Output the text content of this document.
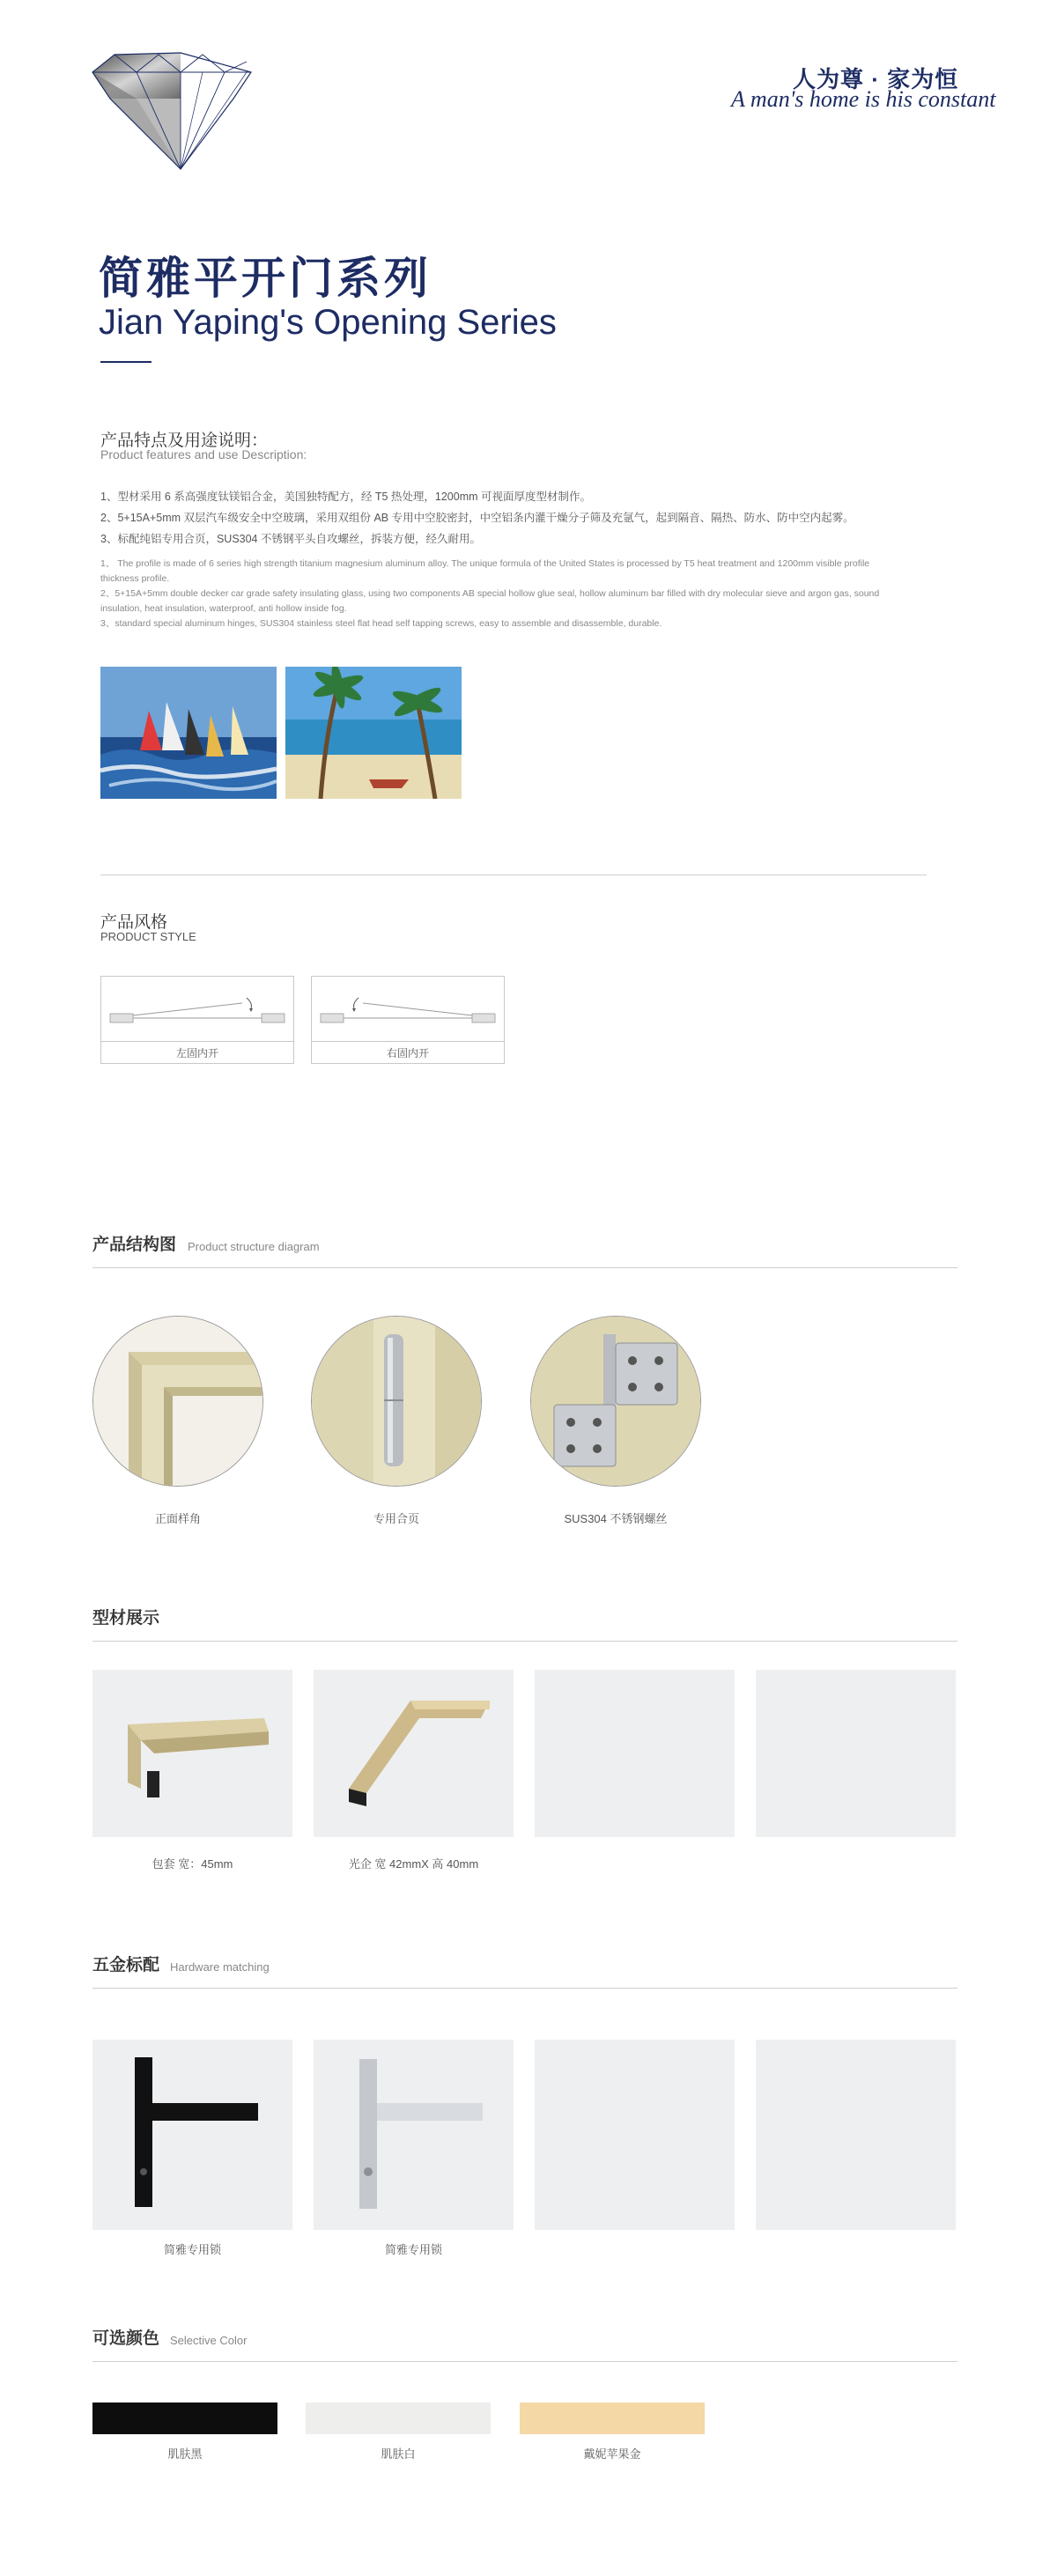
人为尊 · 家为恒
A man's home is his constant
简雅平开门系列
Jian Yaping's Opening Series
产品特点及用途说明：
Product features and use Description:
1、型材采用 6 系高强度钛镁铝合金，美国独特配方，经 T5 热处理，1200mm 可视面厚度型材制作。
2、5+15A+5mm 双层汽车级安全中空玻璃，采用双组份 AB 专用中空胶密封，中空铝条内灌干燥分子筛及充氩气，起到隔音、隔热、防水、防中空内起雾。
3、标配纯铝专用合页，SUS304 不锈钢平头自攻螺丝，拆装方便，经久耐用。
1、 The profile is made of 6 series high strength titanium magnesium aluminum alloy. The unique formula of the United States is processed by T5 heat treatment and 1200mm visible profile thickness profile.
2、5+15A+5mm double decker car grade safety insulating glass, using two components AB special hollow glue seal, hollow aluminum bar filled with dry molecular sieve and argon gas, sound insulation, heat insulation, waterproof, anti hollow inside fog.
3、standard special aluminum hinges, SUS304 stainless steel flat head self tapping screws, easy to assemble and disassemble, durable.
产品风格
PRODUCT STYLE
左固内开	右固内开
产品结构图 Product structure diagram
正面样角	专用合页	SUS304 不锈钢螺丝
型材展示
包套 宽：45mm	光企 宽 42mmX 高 40mm
五金标配 Hardware matching
简雅专用锁	简雅专用锁
可选颜色 Selective Color
肌肤黑	肌肤白	戴妮苹果金
